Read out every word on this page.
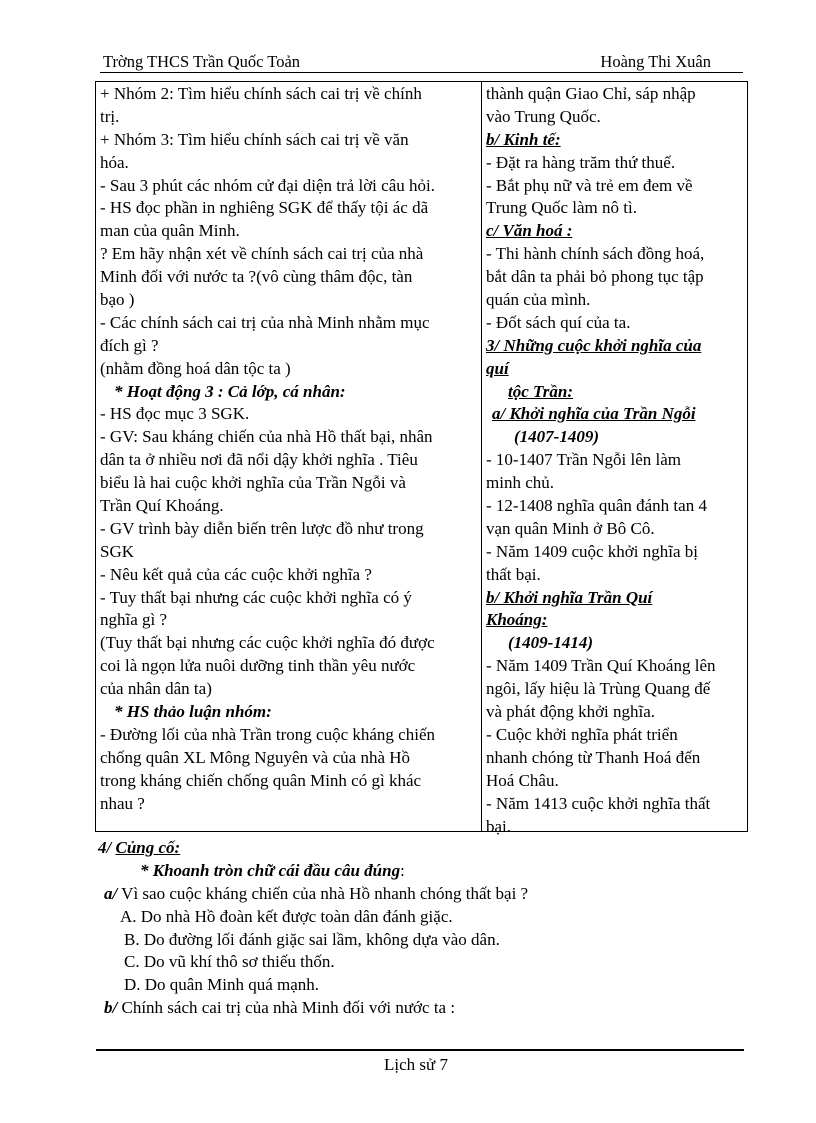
Trờng THCS Trần Quốc Toản	Hoàng Thi Xuân
+ Nhóm 2: Tìm hiểu chính sách cai trị về chính
trị.
+ Nhóm 3: Tìm hiểu chính sách cai trị về văn
hóa.
- Sau 3 phút các nhóm cử đại diện trả lời câu hỏi.
- HS đọc phần in nghiêng SGK để thấy tội ác dã
man của quân Minh.
? Em hãy nhận xét về chính sách cai trị của nhà
Minh đối với nước ta ?(vô cùng thâm độc, tàn
bạo )
- Các chính sách cai trị của nhà Minh nhằm mục
đích gì ?
(nhằm đồng hoá dân tộc ta )
* Hoạt động 3 : Cả lớp, cá nhân:
- HS đọc mục 3 SGK.
- GV: Sau kháng chiến của nhà Hồ thất bại, nhân
dân ta ở nhiều nơi đã nổi dậy khởi nghĩa . Tiêu
biểu là hai cuộc khởi nghĩa của Trần Ngỗi và
Trần Quí Khoáng.
- GV trình bày diễn biến trên lược đồ như trong
SGK
- Nêu kết quả của các cuộc khởi nghĩa ?
- Tuy thất bại nhưng các cuộc khởi nghĩa có ý
nghĩa gì ?
(Tuy thất bại nhưng các cuộc khởi nghĩa đó được
coi là ngọn lửa nuôi dưỡng tinh thần yêu nước
của nhân dân ta)
* HS thảo luận nhóm:
- Đường lối của nhà Trần trong cuộc kháng chiến
chống quân XL Mông Nguyên và của nhà Hồ
trong kháng chiến chống quân Minh có gì khác
nhau ?
thành quận Giao Chỉ, sáp nhập
vào Trung Quốc.
b/ Kinh tế:
- Đặt ra hàng trăm thứ thuế.
- Bắt phụ nữ và trẻ em đem về
Trung Quốc làm nô tì.
c/ Văn hoá :
- Thi hành chính sách đồng hoá,
bắt dân ta phải bỏ phong tục tập
quán của mình.
- Đốt sách quí của ta.
3/ Những cuộc khởi nghĩa của
quí
tộc Trần:
a/ Khởi nghĩa của Trần Ngỗi
(1407-1409)
- 10-1407 Trần Ngỗi lên làm
minh chủ.
- 12-1408 nghĩa quân đánh tan 4
vạn quân Minh ở Bô Cô.
- Năm 1409 cuộc khởi nghĩa bị
thất bại.
b/ Khởi nghĩa Trần Quí
Khoáng:
(1409-1414)
- Năm 1409 Trần Quí Khoáng lên
ngôi, lấy hiệu là Trùng Quang đế
và phát động khởi nghĩa.
- Cuộc khởi nghĩa phát triển
nhanh chóng từ Thanh Hoá đến
Hoá Châu.
- Năm 1413 cuộc khởi nghĩa thất
bại.
4/ Củng cố:
* Khoanh tròn chữ cái đầu câu đúng:
a/ Vì sao cuộc kháng chiến của nhà Hồ nhanh chóng thất bại ?
A. Do nhà Hồ đoàn kết được toàn dân đánh giặc.
B. Do đường lối đánh giặc sai lầm, không dựa vào dân.
C. Do vũ khí thô sơ thiếu thốn.
D. Do quân Minh quá mạnh.
b/ Chính sách cai trị của nhà Minh đối với nước ta :
Lịch sử 7
